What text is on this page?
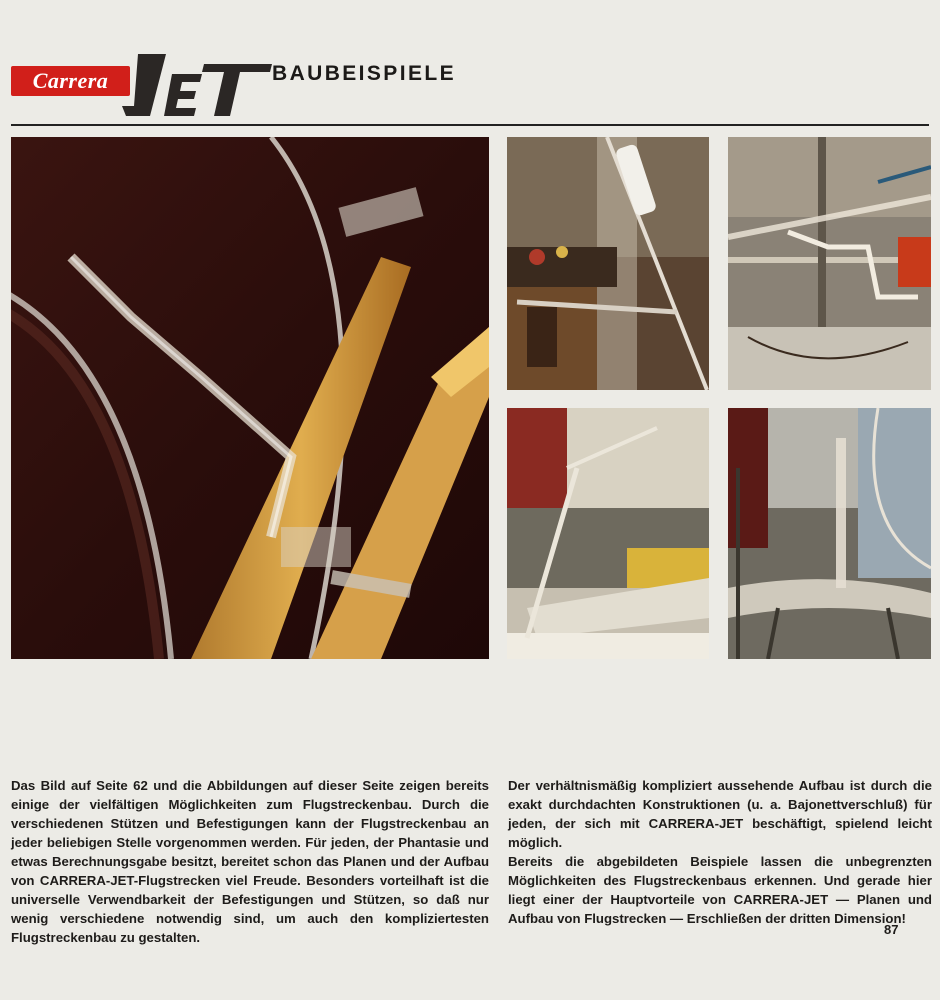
Carrera	BAUBEISPIELE

Das Bild auf Seite 62 und die Abbildungen auf dieser Seite zeigen bereits einige der vielfältigen Möglichkeiten zum Flugstreckenbau. Durch die verschiedenen Stützen und Befestigungen kann der Flugstreckenbau an jeder beliebigen Stelle vorgenommen werden. Für jeden, der Phantasie und etwas Berechnungsgabe besitzt, bereitet schon das Planen und der Aufbau von CARRERA-JET-Flugstrecken viel Freude. Besonders vorteilhaft ist die universelle Verwendbarkeit der Befestigungen und Stützen, so daß nur wenig verschiedene notwendig sind, um auch den kompliziertesten Flugstreckenbau zu gestalten.

Der verhältnismäßig kompliziert aussehende Aufbau ist durch die exakt durchdachten Konstruktionen (u. a. Bajonettverschluß) für jeden, der sich mit CARRERA-JET beschäftigt, spielend leicht möglich.

Bereits die abgebildeten Beispiele lassen die unbegrenzten Möglichkeiten des Flugstreckenbaus erkennen. Und gerade hier liegt einer der Hauptvorteile von CARRERA-JET — Planen und Aufbau von Flugstrecken — Erschließen der dritten Dimension!

87
